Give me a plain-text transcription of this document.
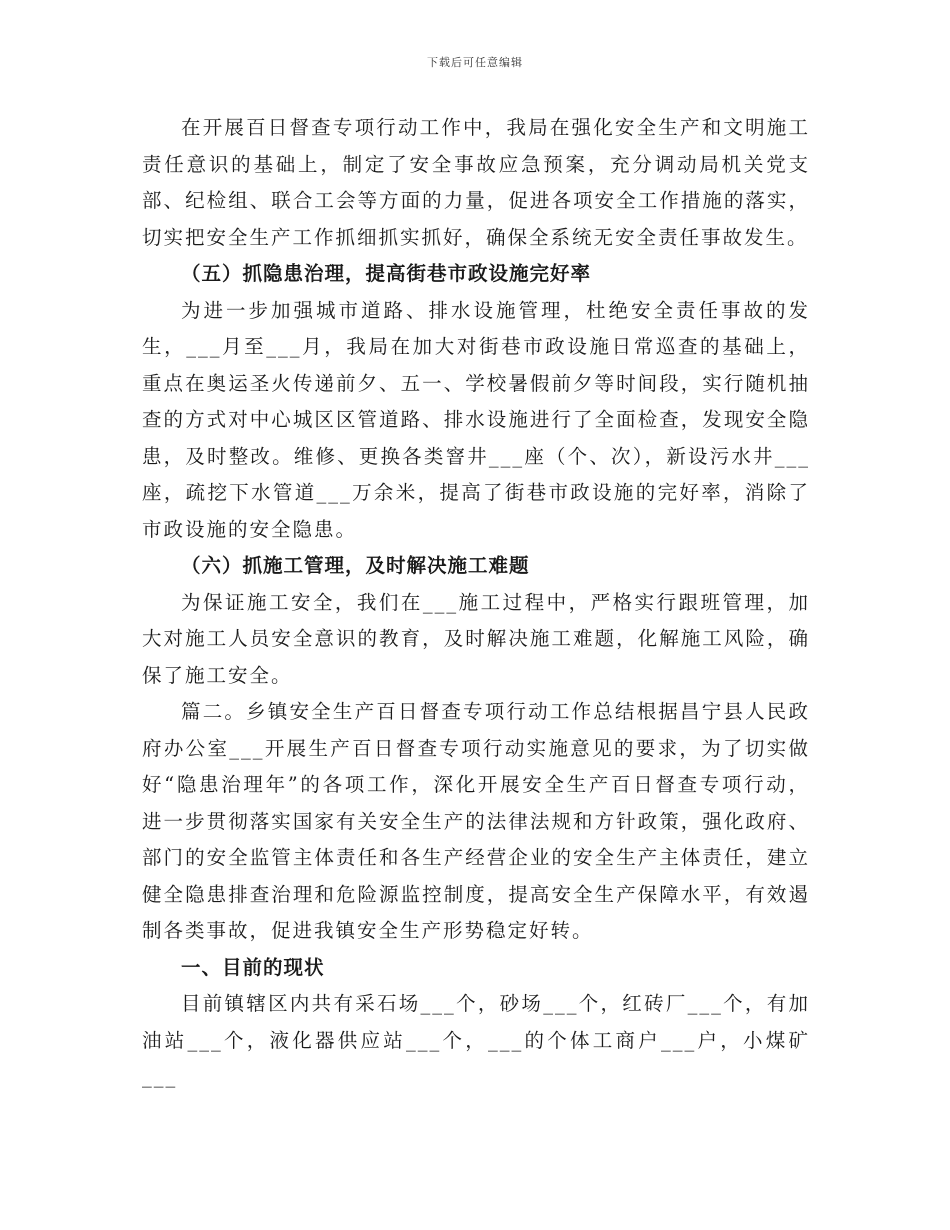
下载后可任意编辑

在开展百日督查专项行动工作中，我局在强化安全生产和文明施工责任意识的基础上，制定了安全事故应急预案，充分调动局机关党支部、纪检组、联合工会等方面的力量，促进各项安全工作措施的落实，切实把安全生产工作抓细抓实抓好，确保全系统无安全责任事故发生。

（五）抓隐患治理，提高街巷市政设施完好率

为进一步加强城市道路、排水设施管理，杜绝安全责任事故的发生，___月至___月，我局在加大对街巷市政设施日常巡查的基础上，重点在奥运圣火传递前夕、五一、学校暑假前夕等时间段，实行随机抽查的方式对中心城区区管道路、排水设施进行了全面检查，发现安全隐患，及时整改。维修、更换各类窨井___座（个、次），新设污水井___座，疏挖下水管道___万余米，提高了街巷市政设施的完好率，消除了市政设施的安全隐患。

（六）抓施工管理，及时解决施工难题

为保证施工安全，我们在___施工过程中，严格实行跟班管理，加大对施工人员安全意识的教育，及时解决施工难题，化解施工风险，确保了施工安全。

篇二。乡镇安全生产百日督查专项行动工作总结根据昌宁县人民政府办公室___开展生产百日督查专项行动实施意见的要求，为了切实做好“隐患治理年”的各项工作，深化开展安全生产百日督查专项行动，进一步贯彻落实国家有关安全生产的法律法规和方针政策，强化政府、部门的安全监管主体责任和各生产经营企业的安全生产主体责任，建立健全隐患排查治理和危险源监控制度，提高安全生产保障水平，有效遏制各类事故，促进我镇安全生产形势稳定好转。

一、目前的现状

目前镇辖区内共有采石场___个，砂场___个，红砖厂___个，有加油站___个，液化器供应站___个，___的个体工商户___户，小煤矿___
